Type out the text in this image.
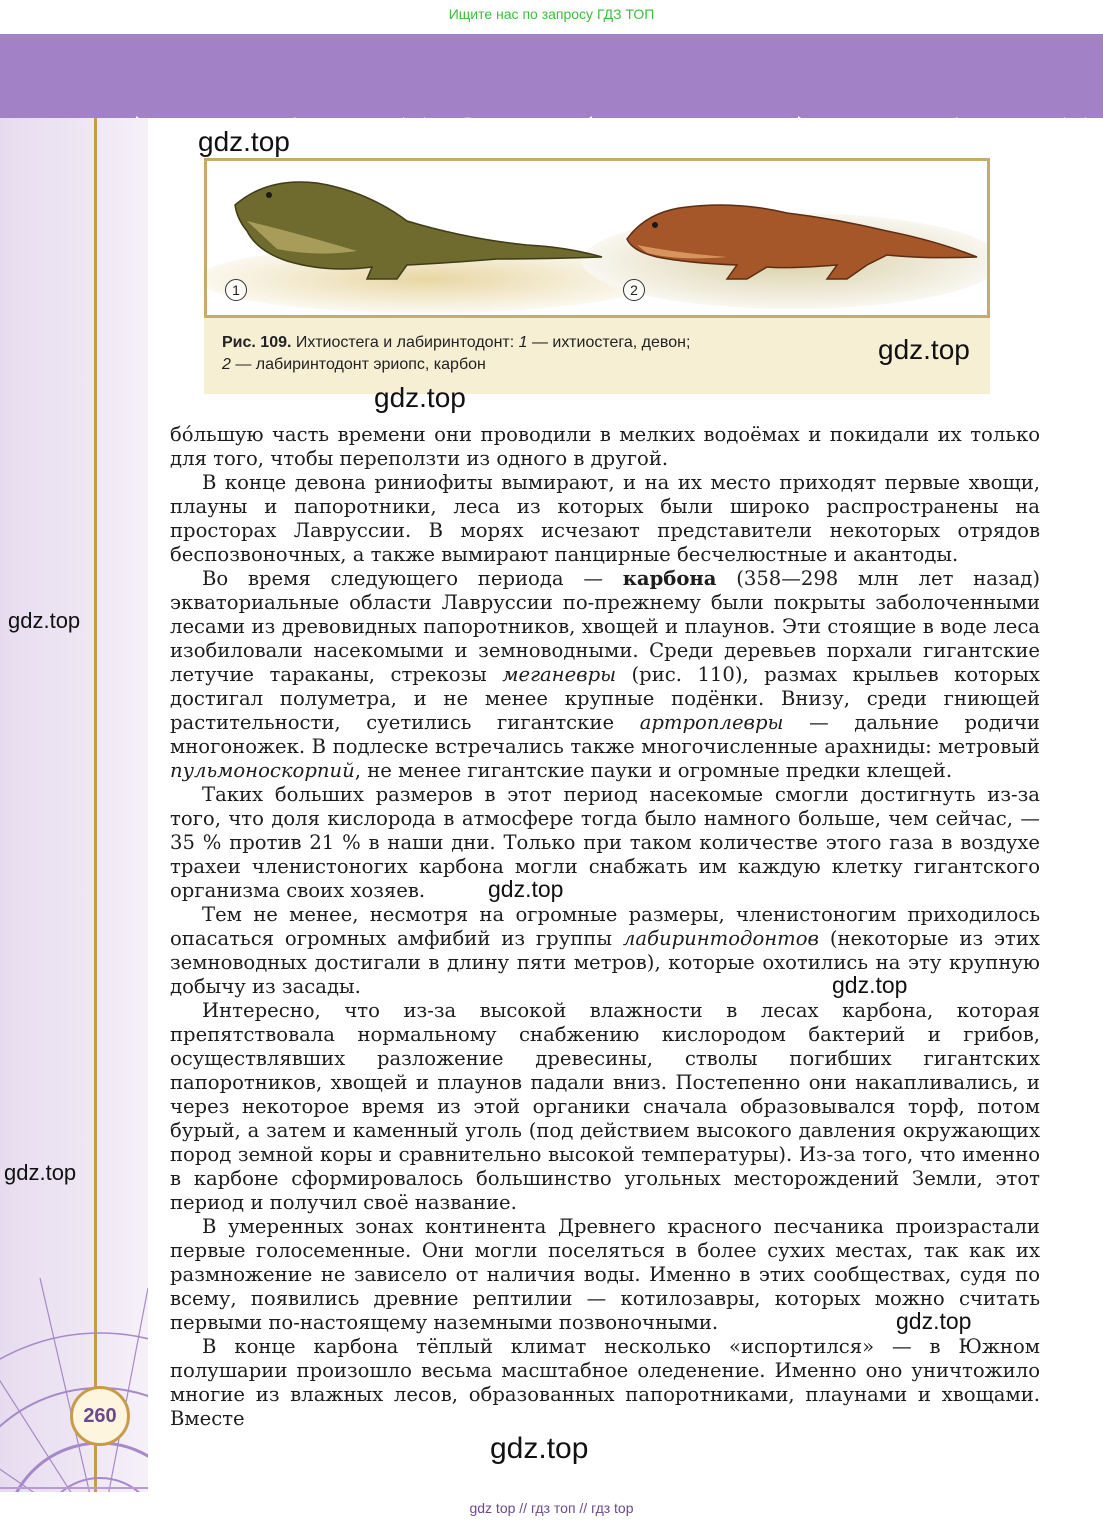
Ищите нас по запросу ГДЗ ТОП
gdz.top
gdz.top
260
1	2
Рис. 109. Ихтиостега и лабиринтодонт: 1 — ихтиостега, девон;
2 — лабиринтодонт эриопс, карбон

бóльшую часть времени они проводили в мелких водоёмах и покидали их только для того, чтобы переползти из одного в другой.

В конце девона риниофиты вымирают, и на их место приходят первые хвощи, плауны и папоротники, леса из которых были широко распространены на просторах Лавруссии. В морях исчезают представители некоторых отрядов беспозвоночных, а также вымирают панцирные бесчелюстные и акантоды.

Во время следующего периода — карбона (358—298 млн лет назад) экваториальные области Лавруссии по-прежнему были покрыты заболоченными лесами из древовидных папоротников, хвощей и плаунов. Эти стоящие в воде леса изобиловали насекомыми и земноводными. Среди деревьев порхали гигантские летучие тараканы, стрекозы меганевры (рис. 110), размах крыльев которых достигал полуметра, и не менее крупные подёнки. Внизу, среди гниющей растительности, суетились гигантские артроплевры — дальние родичи многоножек. В подлеске встречались также многочисленные арахниды: метровый пульмоноскорпий, не менее гигантские пауки и огромные предки клещей.

Таких больших размеров в этот период насекомые смогли достигнуть из-за того, что доля кислорода в атмосфере тогда было намного больше, чем сейчас, — 35 % против 21 % в наши дни. Только при таком количестве этого газа в воздухе трахеи членистоногих карбона могли снабжать им каждую клетку гигантского организма своих хозяев.

Тем не менее, несмотря на огромные размеры, членистоногим приходилось опасаться огромных амфибий из группы лабиринтодонтов (некоторые из этих земноводных достигали в длину пяти метров), которые охотились на эту крупную добычу из засады.

Интересно, что из-за высокой влажности в лесах карбона, которая препятствовала нормальному снабжению кислородом бактерий и грибов, осуществлявших разложение древесины, стволы погибших гигантских папоротников, хвощей и плаунов падали вниз. Постепенно они накапливались, и через некоторое время из этой органики сначала образовывался торф, потом бурый, а затем и каменный уголь (под действием высокого давления окружающих пород земной коры и сравнительно высокой температуры). Из-за того, что именно в карбоне сформировалось большинство угольных месторождений Земли, этот период и получил своё название.

В умеренных зонах континента Древнего красного песчаника произрастали первые голосеменные. Они могли поселяться в более сухих местах, так как их размножение не зависело от наличия воды. Именно в этих сообществах, судя по всему, появились древние рептилии — котилозавры, которых можно считать первыми по-настоящему наземными позвоночными.

В конце карбона тёплый климат несколько «испортился» — в Южном полушарии произошло весьма масштабное оледенение. Именно оно уничтожило многие из влажных лесов, образованных папоротниками, плаунами и хвощами. Вместе

gdz.top
gdz.top
gdz.top
gdz.top
gdz.top
gdz.top
gdz.top
gdz top // гдз топ // гдз top
